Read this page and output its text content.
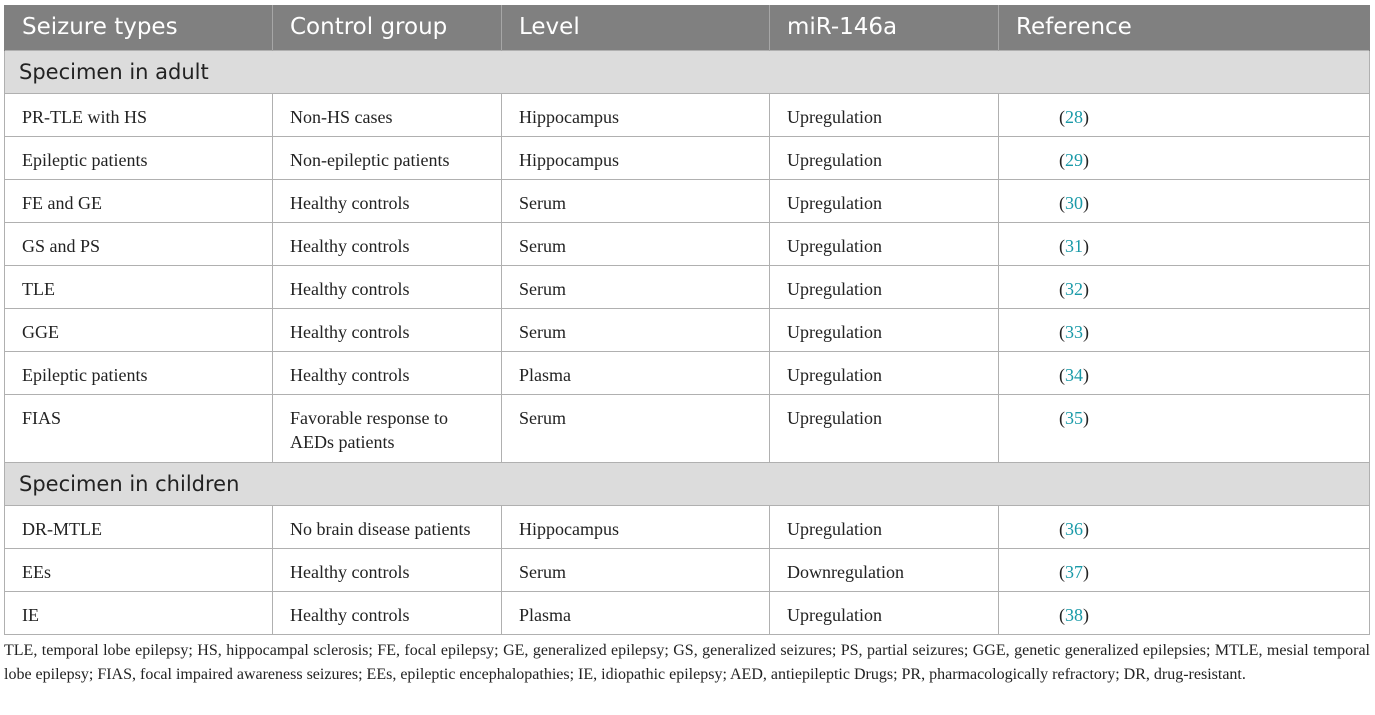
Seizure types	Control group	Level	miR-146a	Reference
Specimen in adult				
PR-TLE with HS	Non-HS cases	Hippocampus	Upregulation	(28)
Epileptic patients	Non-epileptic patients	Hippocampus	Upregulation	(29)
FE and GE	Healthy controls	Serum	Upregulation	(30)
GS and PS	Healthy controls	Serum	Upregulation	(31)
TLE	Healthy controls	Serum	Upregulation	(32)
GGE	Healthy controls	Serum	Upregulation	(33)
Epileptic patients	Healthy controls	Plasma	Upregulation	(34)
FIAS	Favorable response to AEDs patients	Serum	Upregulation	(35)
Specimen in children				
DR-MTLE	No brain disease patients	Hippocampus	Upregulation	(36)
EEs	Healthy controls	Serum	Downregulation	(37)
IE	Healthy controls	Plasma	Upregulation	(38)
TLE, temporal lobe epilepsy; HS, hippocampal sclerosis; FE, focal epilepsy; GE, generalized epilepsy; GS, generalized seizures; PS, partial seizures; GGE, genetic generalized epilepsies; MTLE, mesial temporal lobe epilepsy; FIAS, focal impaired awareness seizures; EEs, epileptic encephalopathies; IE, idiopathic epilepsy; AED, antiepileptic Drugs; PR, pharmacologically refractory; DR, drug-resistant.
